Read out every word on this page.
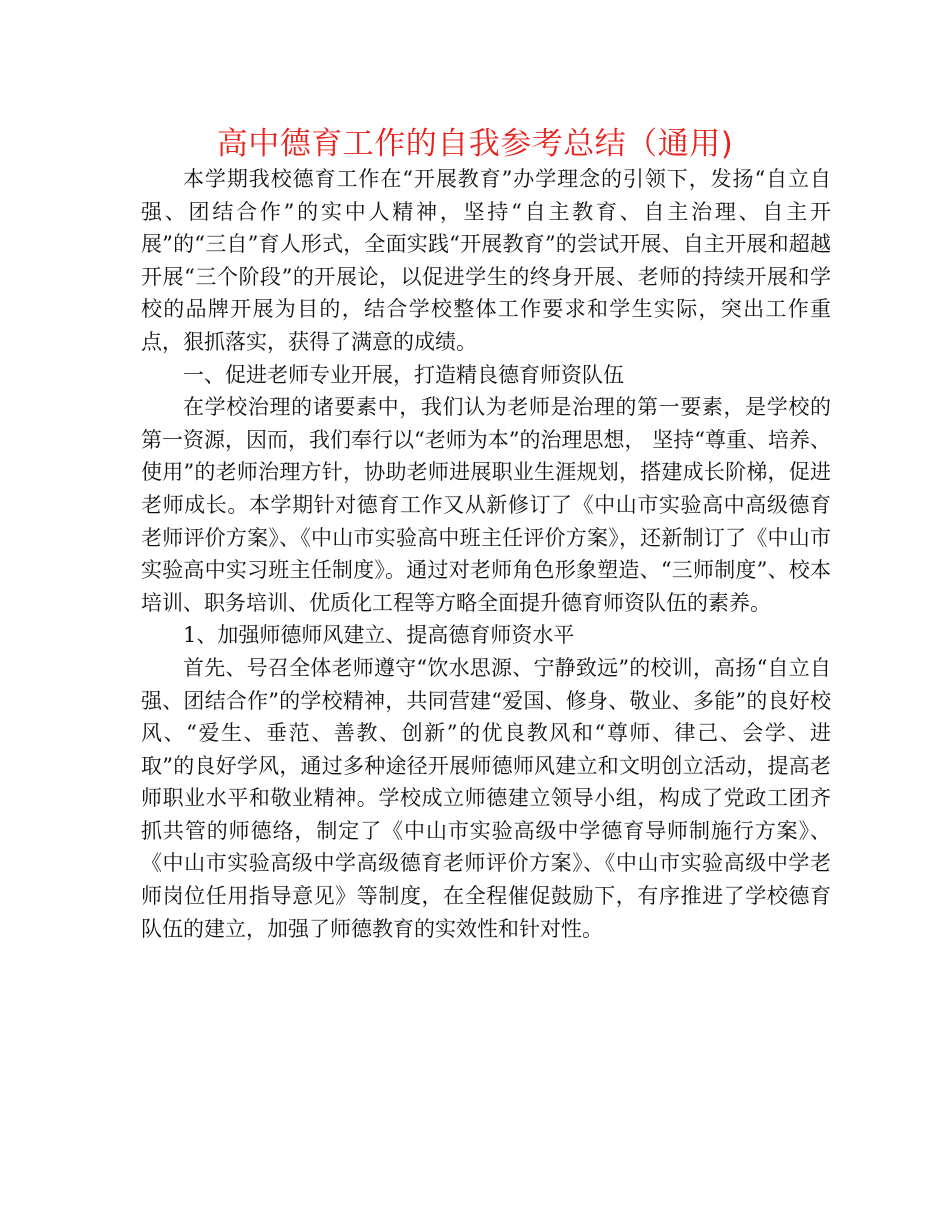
高中德育工作的自我参考总结（通用)

本学期我校德育工作在“开展教育”办学理念的引领下，发扬“自立自强、团结合作”的实中人精神，坚持“自主教育、自主治理、自主开展”的“三自”育人形式，全面实践“开展教育”的尝试开展、自主开展和超越开展“三个阶段”的开展论，以促进学生的终身开展、老师的持续开展和学校的品牌开展为目的，结合学校整体工作要求和学生实际，突出工作重点，狠抓落实，获得了满意的成绩。

一、促进老师专业开展，打造精良德育师资队伍

在学校治理的诸要素中，我们认为老师是治理的第一要素，是学校的第一资源，因而，我们奉行以“老师为本”的治理思想， 坚持“尊重、培养、使用”的老师治理方针，协助老师进展职业生涯规划，搭建成长阶梯，促进老师成长。本学期针对德育工作又从新修订了《中山市实验高中高级德育老师评价方案》、《中山市实验高中班主任评价方案》，还新制订了《中山市实验高中实习班主任制度》。通过对老师角色形象塑造、“三师制度”、校本培训、职务培训、优质化工程等方略全面提升德育师资队伍的素养。

1、加强师德师风建立、提高德育师资水平

首先、号召全体老师遵守“饮水思源、宁静致远”的校训，高扬“自立自强、团结合作”的学校精神，共同营建“爱国、修身、敬业、多能”的良好校风、“爱生、垂范、善教、创新”的优良教风和“尊师、律己、会学、进取”的良好学风，通过多种途径开展师德师风建立和文明创立活动，提高老师职业水平和敬业精神。学校成立师德建立领导小组，构成了党政工团齐抓共管的师德络，制定了《中山市实验高级中学德育导师制施行方案》、《中山市实验高级中学高级德育老师评价方案》、《中山市实验高级中学老师岗位任用指导意见》等制度，在全程催促鼓励下，有序推进了学校德育队伍的建立，加强了师德教育的实效性和针对性。
